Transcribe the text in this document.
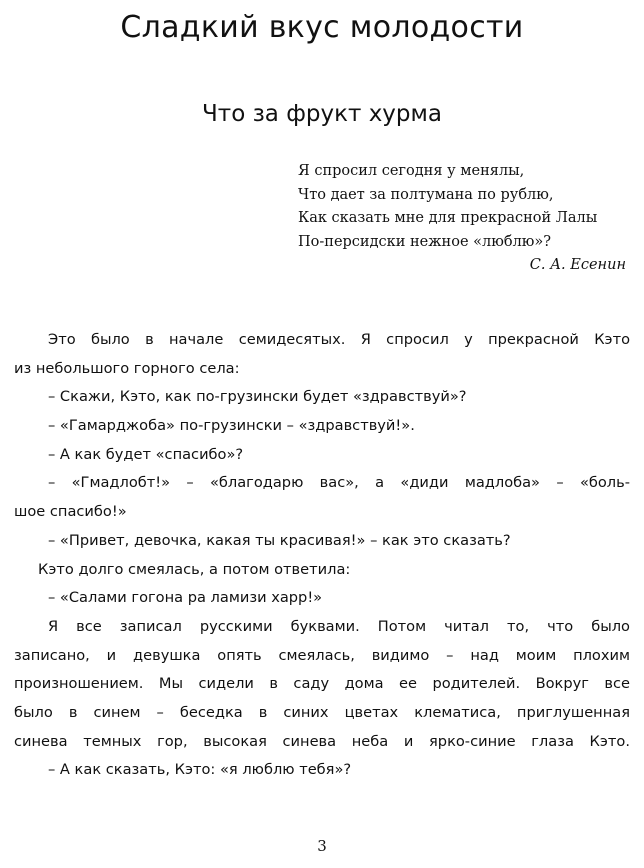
Сладкий вкус молодости
Что за фрукт хурма
Я спросил сегодня у менялы,
Что дает за полтумана по рублю,
Как сказать мне для прекрасной Лалы
По-персидски нежное «люблю»?
С. А. Есенин
Это было в начале семидесятых. Я спросил у прекрасной Кэто
из небольшого горного села:
– Скажи, Кэто, как по-грузински будет «здравствуй»?
– «Гамарджоба» по-грузински – «здравствуй!».
– А как будет «спасибо»?
– «Гмадлобт!» – «благодарю вас», а «диди мадлоба» – «боль-
шое спасибо!»
– «Привет, девочка, какая ты красивая!» – как это сказать?
Кэто долго смеялась, а потом ответила:
– «Салами гогона ра ламизи харр!»
Я все записал русскими буквами. Потом читал то, что было
записано, и девушка опять смеялась, видимо – над моим плохим
произношением. Мы сидели в саду дома ее родителей. Вокруг все
было в синем – беседка в синих цветах клематиса, приглушенная
синева темных гор, высокая синева неба и ярко-синие глаза Кэто.
– А как сказать, Кэто: «я люблю тебя»?
3
